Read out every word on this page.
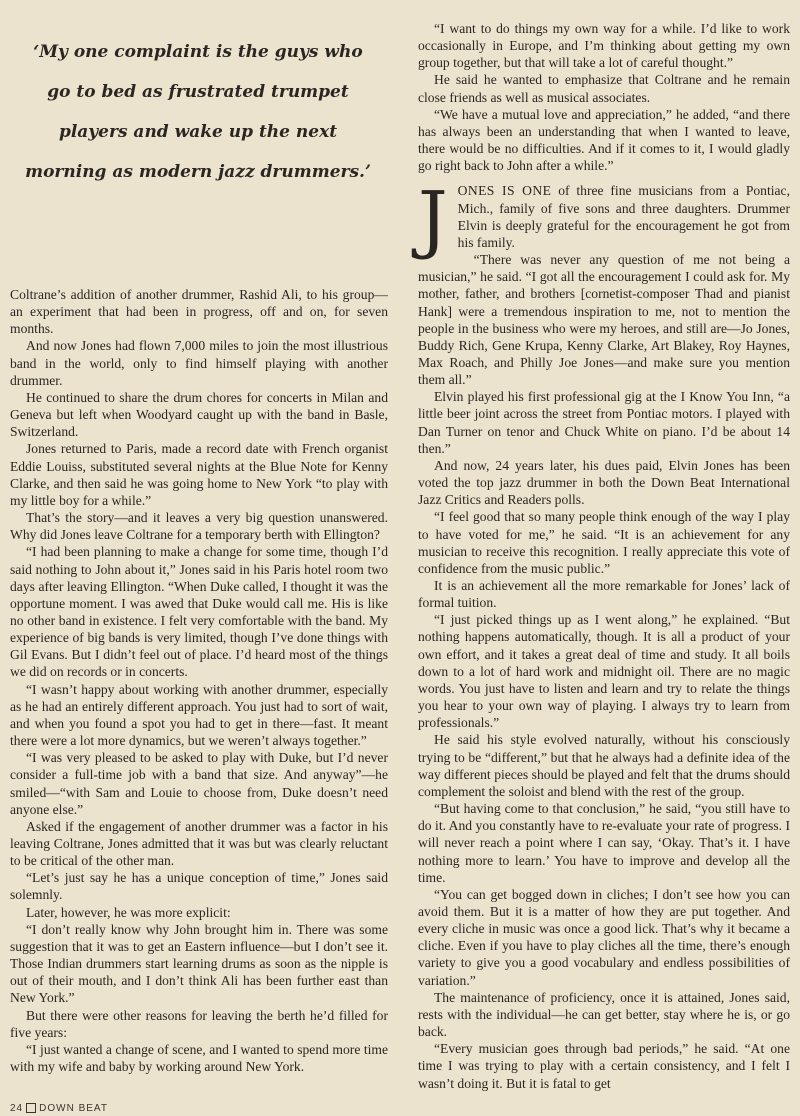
‘My one complaint is the guys who
go to bed as frustrated trumpet
players and wake up the next
morning as modern jazz drummers.’

Coltrane’s addition of another drummer, Rashid Ali, to his group—an experiment that had been in progress, off and on, for seven months.

And now Jones had flown 7,000 miles to join the most illustrious band in the world, only to find himself playing with another drummer.

He continued to share the drum chores for concerts in Milan and Geneva but left when Woodyard caught up with the band in Basle, Switzerland.

Jones returned to Paris, made a record date with French organist Eddie Louiss, substituted several nights at the Blue Note for Kenny Clarke, and then said he was going home to New York “to play with my little boy for a while.”

That’s the story—and it leaves a very big question unanswered. Why did Jones leave Coltrane for a temporary berth with Ellington?

“I had been planning to make a change for some time, though I’d said nothing to John about it,” Jones said in his Paris hotel room two days after leaving Ellington. “When Duke called, I thought it was the opportune moment. I was awed that Duke would call me. His is like no other band in existence. I felt very comfortable with the band. My experience of big bands is very limited, though I’ve done things with Gil Evans. But I didn’t feel out of place. I’d heard most of the things we did on records or in concerts.

“I wasn’t happy about working with another drummer, especially as he had an entirely different approach. You just had to sort of wait, and when you found a spot you had to get in there—fast. It meant there were a lot more dynamics, but we weren’t always together.”

“I was very pleased to be asked to play with Duke, but I’d never consider a full-time job with a band that size. And anyway”—he smiled—“with Sam and Louie to choose from, Duke doesn’t need anyone else.”

Asked if the engagement of another drummer was a factor in his leaving Coltrane, Jones admitted that it was but was clearly reluctant to be critical of the other man.

“Let’s just say he has a unique conception of time,” Jones said solemnly.

Later, however, he was more explicit:

“I don’t really know why John brought him in. There was some suggestion that it was to get an Eastern influence—but I don’t see it. Those Indian drummers start learning drums as soon as the nipple is out of their mouth, and I don’t think Ali has been further east than New York.”

But there were other reasons for leaving the berth he’d filled for five years:

“I just wanted a change of scene, and I wanted to spend more time with my wife and baby by working around New York.

“I want to do things my own way for a while. I’d like to work occasionally in Europe, and I’m thinking about getting my own group together, but that will take a lot of careful thought.”

He said he wanted to emphasize that Coltrane and he remain close friends as well as musical associates.

“We have a mutual love and appreciation,” he added, “and there has always been an understanding that when I wanted to leave, there would be no difficulties. And if it comes to it, I would gladly go right back to John after a while.”

J ONES IS ONE of three fine musicians from a Pontiac, Mich., family of five sons and three daughters. Drummer Elvin is deeply grateful for the encouragement he got from his family.

“There was never any question of me not being a musician,” he said. “I got all the encouragement I could ask for. My mother, father, and brothers [cornetist-composer Thad and pianist Hank] were a tremendous inspiration to me, not to mention the people in the business who were my heroes, and still are—Jo Jones, Buddy Rich, Gene Krupa, Kenny Clarke, Art Blakey, Roy Haynes, Max Roach, and Philly Joe Jones—and make sure you mention them all.”

Elvin played his first professional gig at the I Know You Inn, “a little beer joint across the street from Pontiac motors. I played with Dan Turner on tenor and Chuck White on piano. I’d be about 14 then.”

And now, 24 years later, his dues paid, Elvin Jones has been voted the top jazz drummer in both the Down Beat International Jazz Critics and Readers polls.

“I feel good that so many people think enough of the way I play to have voted for me,” he said. “It is an achievement for any musician to receive this recognition. I really appreciate this vote of confidence from the music public.”

It is an achievement all the more remarkable for Jones’ lack of formal tuition.

“I just picked things up as I went along,” he explained. “But nothing happens automatically, though. It is all a product of your own effort, and it takes a great deal of time and study. It all boils down to a lot of hard work and midnight oil. There are no magic words. You just have to listen and learn and try to relate the things you hear to your own way of playing. I always try to learn from professionals.”

He said his style evolved naturally, without his consciously trying to be “different,” but that he always had a definite idea of the way different pieces should be played and felt that the drums should complement the soloist and blend with the rest of the group.

“But having come to that conclusion,” he said, “you still have to do it. And you constantly have to re-evaluate your rate of progress. I will never reach a point where I can say, ‘Okay. That’s it. I have nothing more to learn.’ You have to improve and develop all the time.

“You can get bogged down in cliches; I don’t see how you can avoid them. But it is a matter of how they are put together. And every cliche in music was once a good lick. That’s why it became a cliche. Even if you have to play cliches all the time, there’s enough variety to give you a good vocabulary and endless possibilities of variation.”

The maintenance of proficiency, once it is attained, Jones said, rests with the individual—he can get better, stay where he is, or go back.

“Every musician goes through bad periods,” he said. “At one time I was trying to play with a certain consistency, and I felt I wasn’t doing it. But it is fatal to get

24 DOWN BEAT
